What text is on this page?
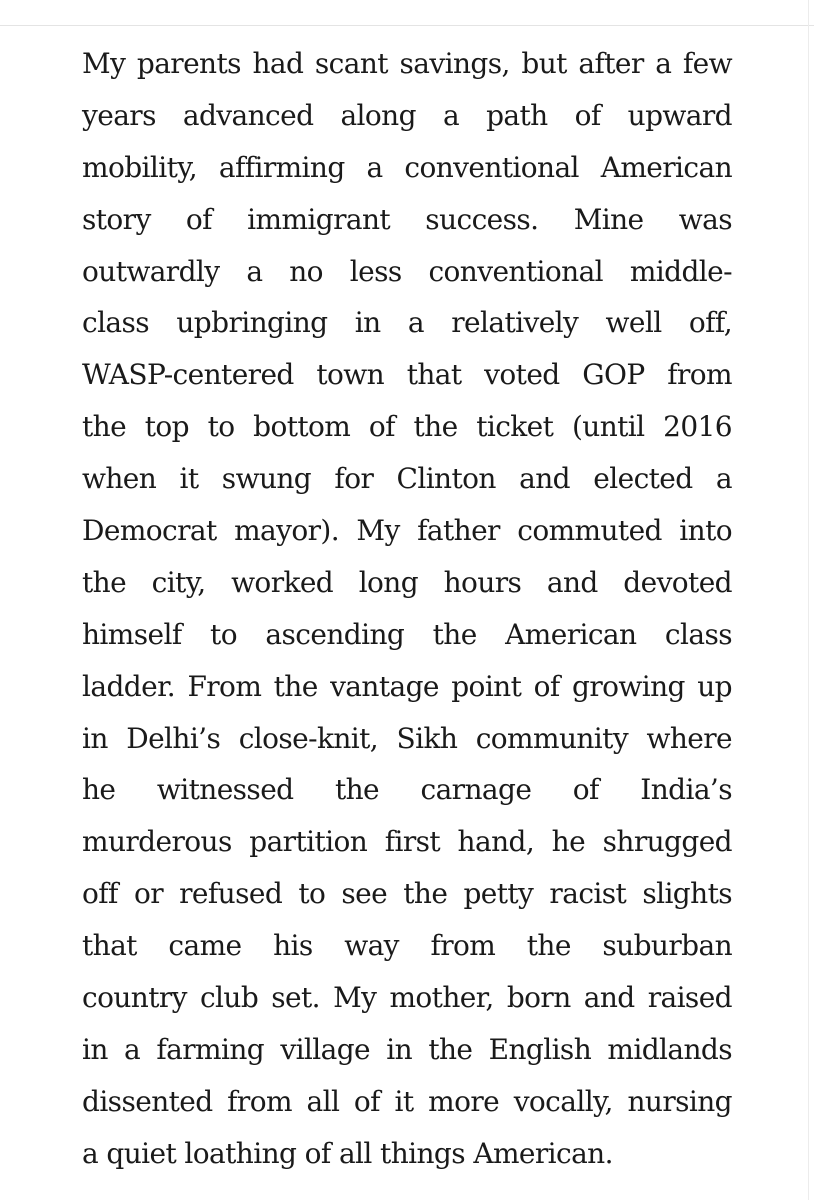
My parents had scant savings, but after a few
years advanced along a path of upward
mobility, affirming a conventional American
story of immigrant success. Mine was
outwardly a no less conventional middle-
class upbringing in a relatively well off,
WASP-centered town that voted GOP from
the top to bottom of the ticket (until 2016
when it swung for Clinton and elected a
Democrat mayor). My father commuted into
the city, worked long hours and devoted
himself to ascending the American class
ladder. From the vantage point of growing up
in Delhi’s close-knit, Sikh community where
he witnessed the carnage of India’s
murderous partition first hand, he shrugged
off or refused to see the petty racist slights
that came his way from the suburban
country club set. My mother, born and raised
in a farming village in the English midlands
dissented from all of it more vocally, nursing
a quiet loathing of all things American.
